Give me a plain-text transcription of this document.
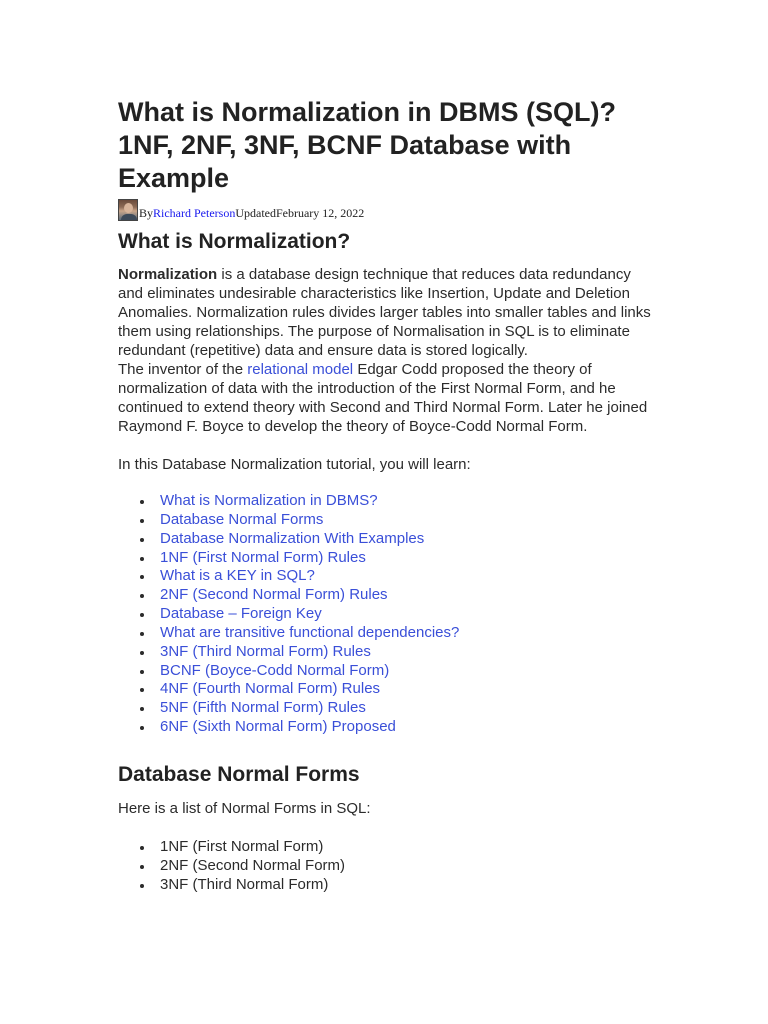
What is Normalization in DBMS (SQL)? 1NF, 2NF, 3NF, BCNF Database with Example
By Richard Peterson Updated February 12, 2022
What is Normalization?

Normalization is a database design technique that reduces data redundancy and eliminates undesirable characteristics like Insertion, Update and Deletion Anomalies. Normalization rules divides larger tables into smaller tables and links them using relationships. The purpose of Normalisation in SQL is to eliminate redundant (repetitive) data and ensure data is stored logically.

The inventor of the relational model Edgar Codd proposed the theory of normalization of data with the introduction of the First Normal Form, and he continued to extend theory with Second and Third Normal Form. Later he joined Raymond F. Boyce to develop the theory of Boyce-Codd Normal Form.

In this Database Normalization tutorial, you will learn:

What is Normalization in DBMS?
Database Normal Forms
Database Normalization With Examples
1NF (First Normal Form) Rules
What is a KEY in SQL?
2NF (Second Normal Form) Rules
Database – Foreign Key
What are transitive functional dependencies?
3NF (Third Normal Form) Rules
BCNF (Boyce-Codd Normal Form)
4NF (Fourth Normal Form) Rules
5NF (Fifth Normal Form) Rules
6NF (Sixth Normal Form) Proposed
Database Normal Forms

Here is a list of Normal Forms in SQL:

1NF (First Normal Form)
2NF (Second Normal Form)
3NF (Third Normal Form)
